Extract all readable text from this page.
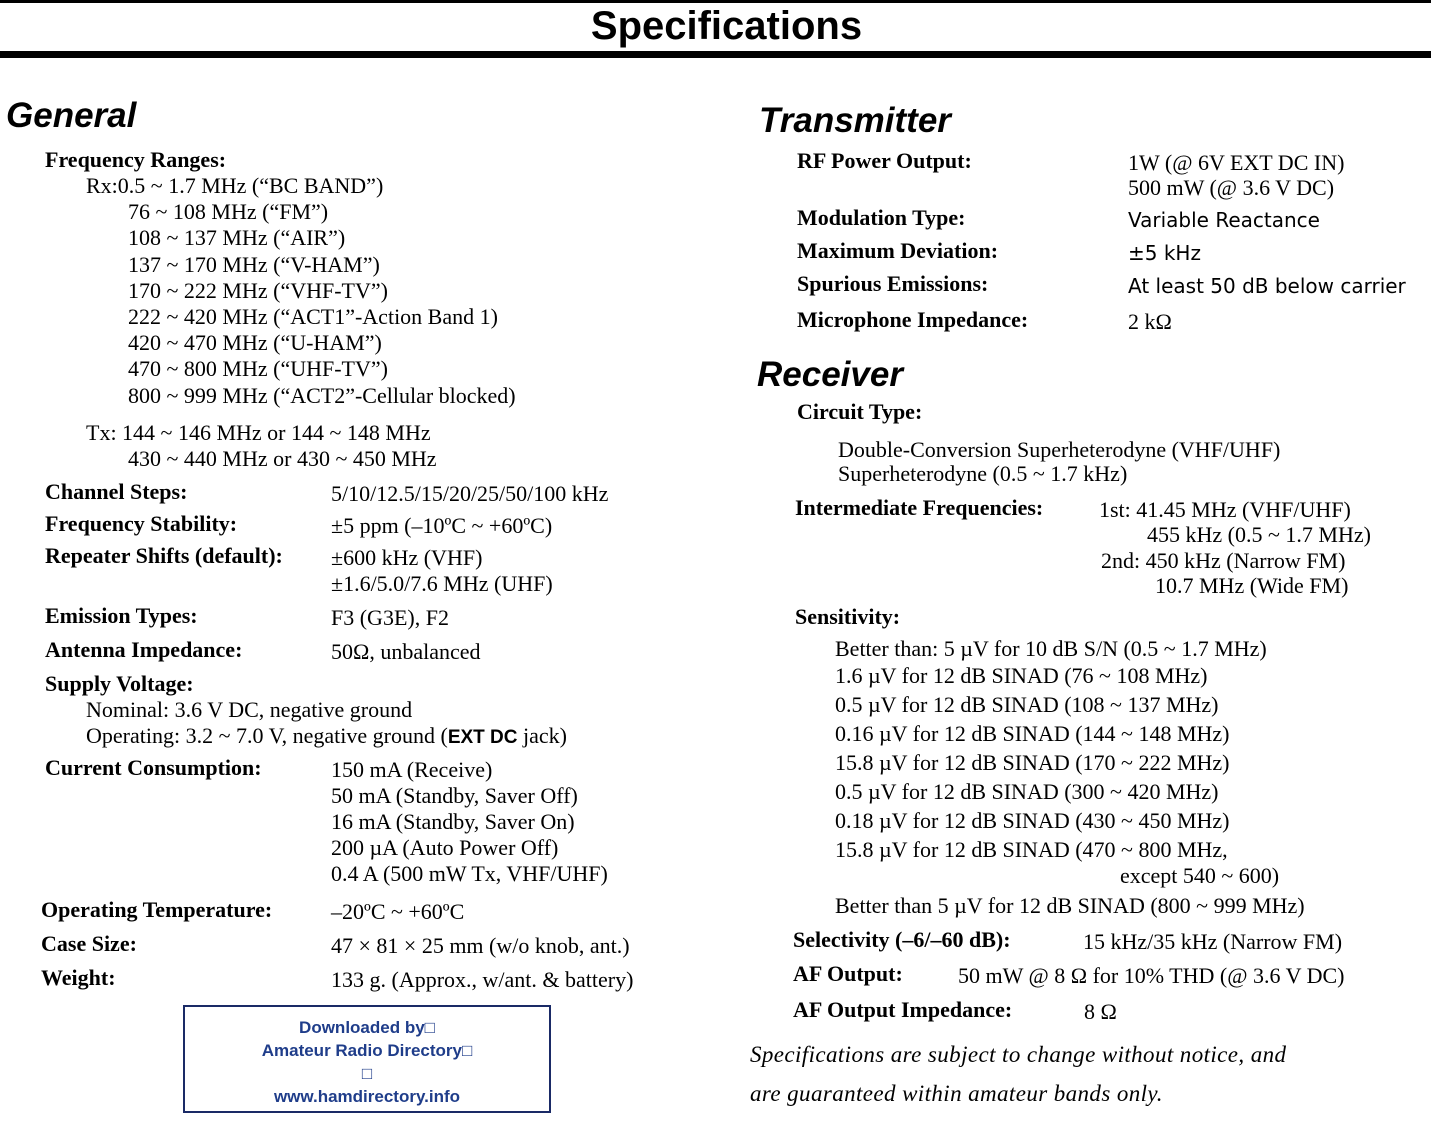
Specifications
General
Frequency Ranges:
Rx:0.5 ~ 1.7 MHz (“BC BAND”)
76 ~ 108 MHz (“FM”)
108 ~ 137 MHz (“AIR”)
137 ~ 170 MHz (“V-HAM”)
170 ~ 222 MHz (“VHF-TV”)
222 ~ 420 MHz (“ACT1”-Action Band 1)
420 ~ 470 MHz (“U-HAM”)
470 ~ 800 MHz (“UHF-TV”)
800 ~ 999 MHz (“ACT2”-Cellular blocked)
Tx: 144 ~ 146 MHz or 144 ~ 148 MHz
430 ~ 440 MHz or 430 ~ 450 MHz
Channel Steps:	5/10/12.5/15/20/25/50/100 kHz
Frequency Stability:	±5 ppm (–10ºC ~ +60ºC)
Repeater Shifts (default): ±600 kHz (VHF)
±1.6/5.0/7.6 MHz (UHF)
Emission Types:	F3 (G3E), F2
Antenna Impedance:	50Ω, unbalanced
Supply Voltage:
Nominal: 3.6 V DC, negative ground
Operating: 3.2 ~ 7.0 V, negative ground (EXT DC jack)
Current Consumption:	150 mA (Receive)
50 mA (Standby, Saver Off)
16 mA (Standby, Saver On)
200 µA (Auto Power Off)
0.4 A (500 mW Tx, VHF/UHF)
Operating Temperature:	–20ºC ~ +60ºC
Case Size:	47 × 81 × 25 mm (w/o knob, ant.)
Weight:	133 g. (Approx., w/ant. & battery)
Downloaded by□
Amateur Radio Directory□
□
www.hamdirectory.info
Transmitter
RF Power Output:	1W (@ 6V EXT DC IN)
500 mW (@ 3.6 V DC)
Modulation Type:	Variable Reactance
Maximum Deviation:	±5 kHz
Spurious Emissions:	At least 50 dB below carrier
Microphone Impedance:	2 kΩ
Receiver
Circuit Type:
Double-Conversion Superheterodyne (VHF/UHF)
Superheterodyne (0.5 ~ 1.7 kHz)
Intermediate Frequencies:	1st: 41.45 MHz (VHF/UHF)
455 kHz (0.5 ~ 1.7 MHz)
2nd: 450 kHz (Narrow FM)
10.7 MHz (Wide FM)
Sensitivity:
Better than: 5 µV for 10 dB S/N (0.5 ~ 1.7 MHz)
1.6 µV for 12 dB SINAD (76 ~ 108 MHz)
0.5 µV for 12 dB SINAD (108 ~ 137 MHz)
0.16 µV for 12 dB SINAD (144 ~ 148 MHz)
15.8 µV for 12 dB SINAD (170 ~ 222 MHz)
0.5 µV for 12 dB SINAD (300 ~ 420 MHz)
0.18 µV for 12 dB SINAD (430 ~ 450 MHz)
15.8 µV for 12 dB SINAD (470 ~ 800 MHz,
except 540 ~ 600)
Better than 5 µV for 12 dB SINAD (800 ~ 999 MHz)
Selectivity (–6/–60 dB):	15 kHz/35 kHz (Narrow FM)
AF Output:	50 mW @ 8 Ω for 10% THD (@ 3.6 V DC)
AF Output Impedance:	8 Ω
Specifications are subject to change without notice, and
are guaranteed within amateur bands only.
